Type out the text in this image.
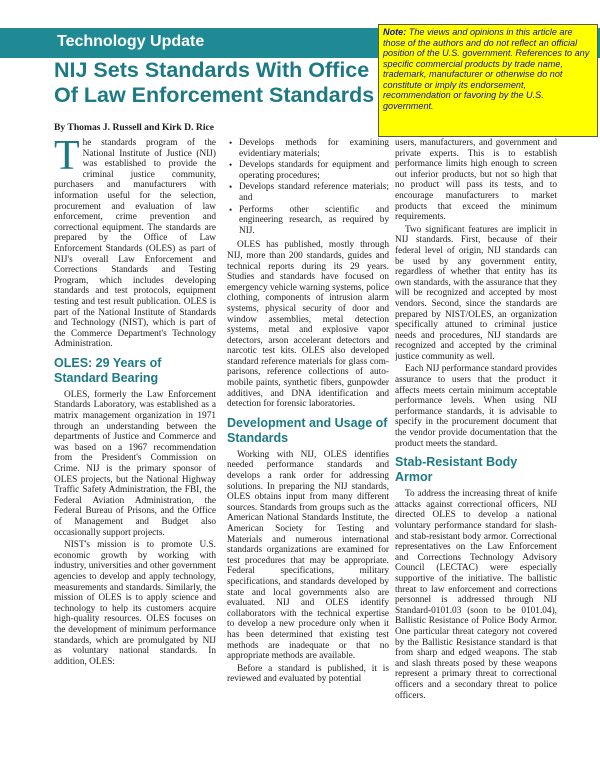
Technology Update
NIJ Sets Standards With Office Of Law Enforcement Standards
By Thomas J. Russell and Kirk D. Rice

The standards program of the National Institute of Justice (NIJ) was established to provide the criminal justice community, purchasers and manufacturers with information useful for the selection, procurement and evaluation of law enforcement, crime prevention and correctional equipment. The standards are prepared by the Office of Law Enforcement Standards (OLES) as part of NIJ's overall Law Enforcement and Corrections Standards and Testing Program, which includes developing standards and test protocols, equipment testing and test result publication. OLES is part of the National Institute of Standards and Technology (NIST), which is part of the Commerce Department's Technology Administration.

OLES: 29 Years of Standard Bearing

OLES, formerly the Law Enforcement Standards Laboratory, was established as a matrix management organization in 1971 through an understanding between the departments of Justice and Commerce and was based on a 1967 recommendation from the President's Commission on Crime. NIJ is the primary sponsor of OLES projects, but the National Highway Traffic Safety Administration, the FBI, the Federal Aviation Administration, the Federal Bureau of Prisons, and the Office of Management and Budget also occasionally support projects.

NIST's mission is to promote U.S. economic growth by working with industry, universities and other government agencies to develop and apply technology, measurements and standards. Similarly, the mission of OLES is to apply science and technology to help its customers acquire high-quality resources. OLES focuses on the development of minimum performance standards, which are promulgated by NIJ as voluntary national standards. In addition, OLES:

• Develops methods for examining evidentiary materials;
• Develops standards for equipment and operating procedures;
• Develops standard reference materials; and
• Performs other scientific and engineering research, as required by NIJ.

OLES has published, mostly through NIJ, more than 200 standards, guides and technical reports during its 29 years. Studies and standards have focused on emergency vehicle warning systems, police clothing, components of intrusion alarm systems, physical security of door and window assemblies, metal detection systems, metal and explosive vapor detectors, arson accelerant detectors and narcotic test kits. OLES also developed standard reference materials for glass com-parisons, reference collections of auto-mobile paints, synthetic fibers, gunpowder additives, and DNA identification and detection for forensic laboratories.

Development and Usage of Standards

Working with NIJ, OLES identifies needed performance standards and develops a rank order for addressing solutions. In preparing the NIJ standards, OLES obtains input from many different sources. Standards from groups such as the American National Standards Institute, the American Society for Testing and Materials and numerous international standards organizations are examined for test procedures that may be appropriate. Federal specifications, military specifications, and standards developed by state and local governments also are evaluated. NIJ and OLES identify collaborators with the technical expertise to develop a new procedure only when it has been determined that existing test methods are inadequate or that no appropriate methods are available.

Before a standard is published, it is reviewed and evaluated by potential

users, manufacturers, and government and private experts. This is to establish performance limits high enough to screen out inferior products, but not so high that no product will pass its tests, and to encourage manufacturers to market products that exceed the minimum requirements.

Two significant features are implicit in NIJ standards. First, because of their federal level of origin, NIJ standards can be used by any government entity, regardless of whether that entity has its own standards, with the assurance that they will be recognized and accepted by most vendors. Second, since the standards are prepared by NIST/OLES, an organization specifically attuned to criminal justice needs and procedures, NIJ standards are recognized and accepted by the criminal justice community as well.

Each NIJ performance standard provides assurance to users that the product it affects meets certain minimum acceptable performance levels. When using NIJ performance standards, it is advisable to specify in the procurement document that the vendor provide documentation that the product meets the standard.

Stab-Resistant Body Armor

To address the increasing threat of knife attacks against correctional officers, NIJ directed OLES to develop a national voluntary performance standard for slash- and stab-resistant body armor. Correctional representatives on the Law Enforcement and Corrections Technology Advisory Council (LECTAC) were especially supportive of the initiative. The ballistic threat to law enforcement and corrections personnel is addressed through NIJ Standard-0101.03 (soon to be 0101.04), Ballistic Resistance of Police Body Armor. One particular threat category not covered by the Ballistic Resistance standard is that from sharp and edged weapons. The stab and slash threats posed by these weapons represent a primary threat to correctional officers and a secondary threat to police officers.

Note: The views and opinions in this article are those of the authors and do not reflect an official position of the U.S. government. References to any specific commercial products by trade name, trademark, manufacturer or otherwise do not constitute or imply its endorsement, recommendation or favoring by the U.S. government.
